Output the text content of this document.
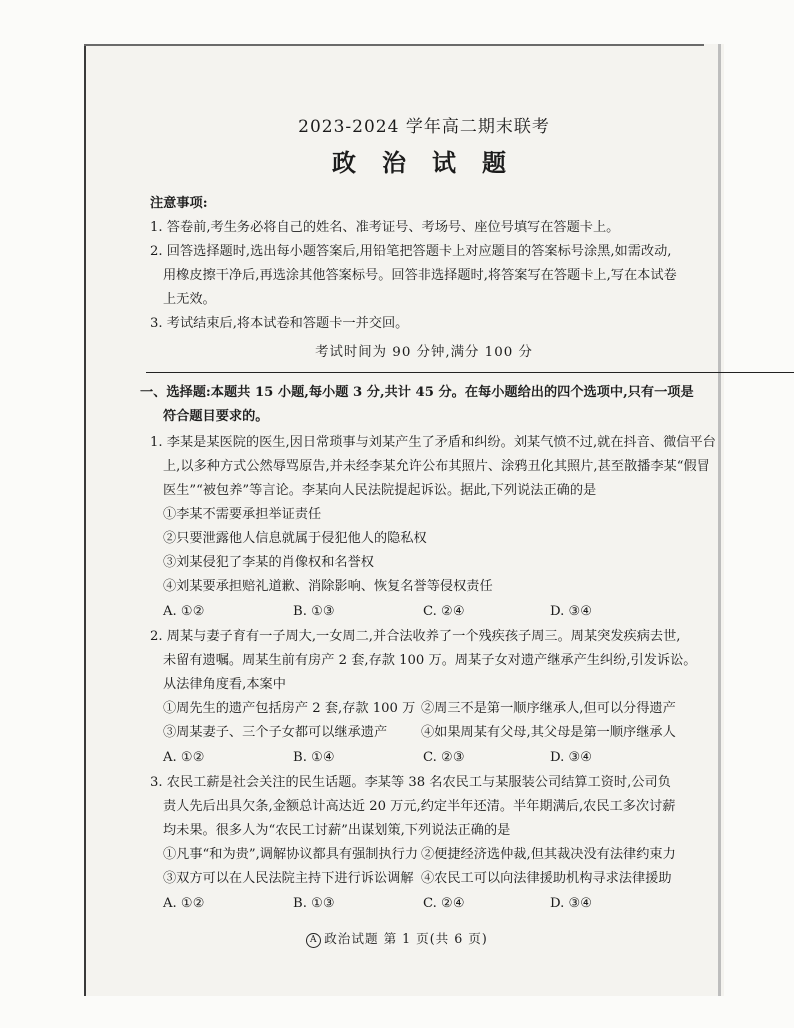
2023-2024 学年高二期末联考

政治试题

注意事项:
1. 答卷前,考生务必将自己的姓名、准考证号、考场号、座位号填写在答题卡上。
2. 回答选择题时,选出每小题答案后,用铅笔把答题卡上对应题目的答案标号涂黑,如需改动,
用橡皮擦干净后,再选涂其他答案标号。回答非选择题时,将答案写在答题卡上,写在本试卷
上无效。
3. 考试结束后,将本试卷和答题卡一并交回。
考试时间为 90 分钟,满分 100 分
一、选择题:本题共 15 小题,每小题 3 分,共计 45 分。在每小题给出的四个选项中,只有一项是
符合题目要求的。
1. 李某是某医院的医生,因日常琐事与刘某产生了矛盾和纠纷。刘某气愤不过,就在抖音、微信平台
上,以多种方式公然辱骂原告,并未经李某允许公布其照片、涂鸦丑化其照片,甚至散播李某“假冒
医生”“被包养”等言论。李某向人民法院提起诉讼。据此,下列说法正确的是
①李某不需要承担举证责任
②只要泄露他人信息就属于侵犯他人的隐私权
③刘某侵犯了李某的肖像权和名誉权
④刘某要承担赔礼道歉、消除影响、恢复名誉等侵权责任
A. ①②	B. ①③	C. ②④	D. ③④
2. 周某与妻子育有一子周大,一女周二,并合法收养了一个残疾孩子周三。周某突发疾病去世,
未留有遗嘱。周某生前有房产 2 套,存款 100 万。周某子女对遗产继承产生纠纷,引发诉讼。
从法律角度看,本案中
①周先生的遗产包括房产 2 套,存款 100 万 ②周三不是第一顺序继承人,但可以分得遗产
③周某妻子、三个子女都可以继承遗产	④如果周某有父母,其父母是第一顺序继承人
A. ①②	B. ①④	C. ②③	D. ③④
3. 农民工薪是社会关注的民生话题。李某等 38 名农民工与某服装公司结算工资时,公司负
责人先后出具欠条,金额总计高达近 20 万元,约定半年还清。半年期满后,农民工多次讨薪
均未果。很多人为“农民工讨薪”出谋划策,下列说法正确的是
①凡事“和为贵”,调解协议都具有强制执行力 ②便捷经济选仲裁,但其裁决没有法律约束力
③双方可以在人民法院主持下进行诉讼调解 ④农民工可以向法律援助机构寻求法律援助
A. ①②	B. ①③	C. ②④	D. ③④
A 政治试题 第 1 页(共 6 页)
